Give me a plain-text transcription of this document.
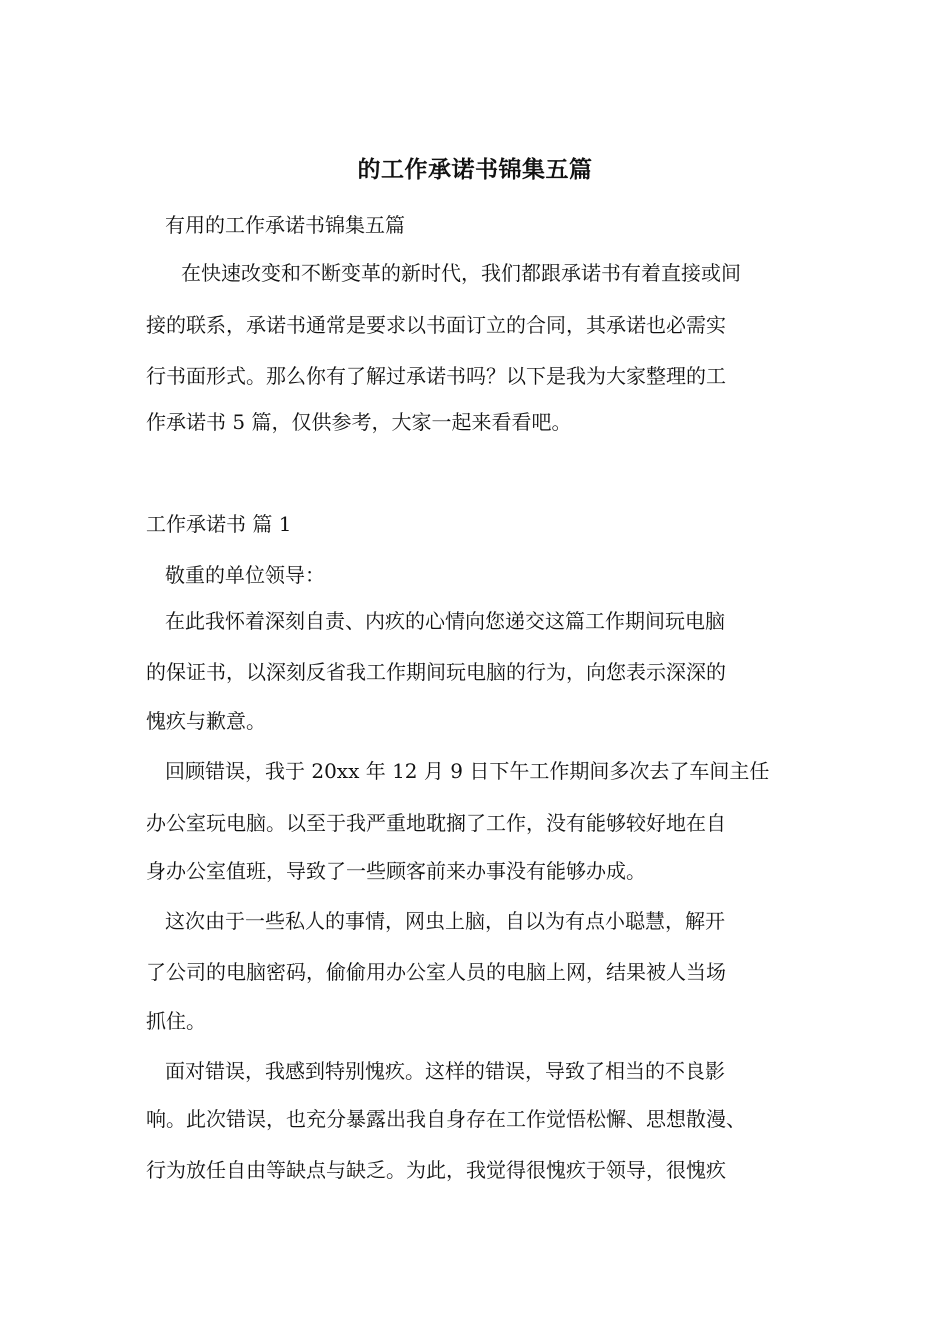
的工作承诺书锦集五篇
有用的工作承诺书锦集五篇
在快速改变和不断变革的新时代，我们都跟承诺书有着直接或间
接的联系，承诺书通常是要求以书面订立的合同，其承诺也必需实
行书面形式。那么你有了解过承诺书吗？以下是我为大家整理的工
作承诺书 5 篇，仅供参考，大家一起来看看吧。
工作承诺书 篇 1
敬重的单位领导：
在此我怀着深刻自责、内疚的心情向您递交这篇工作期间玩电脑
的保证书，以深刻反省我工作期间玩电脑的行为，向您表示深深的
愧疚与歉意。
回顾错误，我于 20xx 年 12 月 9 日下午工作期间多次去了车间主任
办公室玩电脑。以至于我严重地耽搁了工作，没有能够较好地在自
身办公室值班，导致了一些顾客前来办事没有能够办成。
这次由于一些私人的事情，网虫上脑，自以为有点小聪慧，解开
了公司的电脑密码，偷偷用办公室人员的电脑上网，结果被人当场
抓住。
面对错误，我感到特别愧疚。这样的错误，导致了相当的不良影
响。此次错误，也充分暴露出我自身存在工作觉悟松懈、思想散漫、
行为放任自由等缺点与缺乏。为此，我觉得很愧疚于领导，很愧疚
